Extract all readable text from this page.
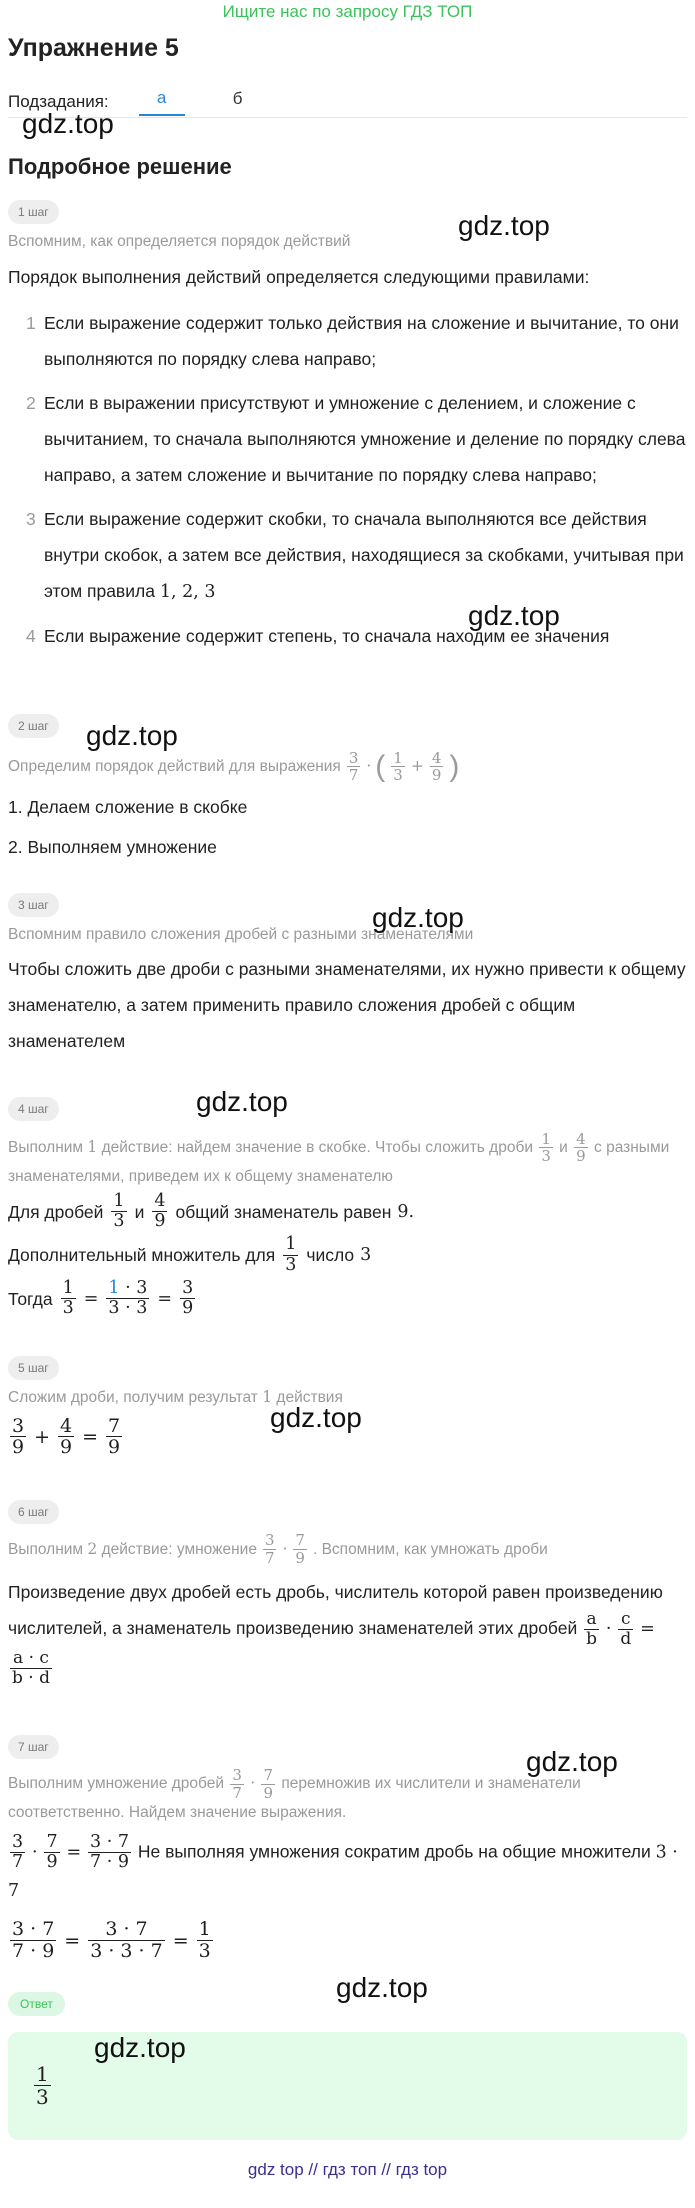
Ищите нас по запросу ГДЗ ТОП
Упражнение 5
Подзадания:	а	б
Подробное решение
1 шаг
Вспомним, как определяется порядок действий
Порядок выполнения действий определяется следующими правилами:
1 Если выражение содержит только действия на сложение и вычитание, то они выполняются по порядку слева направо;
2 Если в выражении присутствуют и умножение с делением, и сложение с вычитанием, то сначала выполняются умножение и деление по порядку слева направо, а затем сложение и вычитание по порядку слева направо;
3 Если выражение содержит скобки, то сначала выполняются все действия внутри скобок, а затем все действия, находящиеся за скобками, учитывая при этом правила 1, 2, 3
4 Если выражение содержит степень, то сначала находим ее значения
2 шаг
Определим порядок действий для выражения $\frac{3}{7}$ · ( $\frac{1}{3} + \frac{4}{9}$ )
1. Делаем сложение в скобке
2. Выполняем умножение
3 шаг
Вспомним правило сложения дробей с разными знаменателями
Чтобы сложить две дроби с разными знаменателями, их нужно привести к общему знаменателю, а затем применить правило сложения дробей с общим знаменателем
4 шаг
Выполним 1 действие: найдем значение в скобке. Чтобы сложить дроби $\frac{1}{3}$ и $\frac{4}{9}$ с разными знаменателями, приведем их к общему знаменателю
Для дробей $\frac{1}{3}$ и $\frac{4}{9}$ общий знаменатель равен 9.
Дополнительный множитель для $\frac{1}{3}$ число 3
Тогда $\frac{1}{3} = \frac{1 \cdot 3}{3 \cdot 3} = \frac{3}{9}$
5 шаг
Сложим дроби, получим результат 1 действия
$\frac{3}{9} + \frac{4}{9} = \frac{7}{9}$
6 шаг
Выполним 2 действие: умножение $\frac{3}{7} \cdot \frac{7}{9}$ . Вспомним, как умножать дроби
Произведение двух дробей есть дробь, числитель которой равен произведению числителей, а знаменатель произведению знаменателей этих дробей $\frac{a}{b} \cdot \frac{c}{d}$ =
$\frac{a \cdot c}{b \cdot d}$
7 шаг
Выполним умножение дробей $\frac{3}{7} \cdot \frac{7}{9}$ перемножив их числители и знаменатели соответственно. Найдем значение выражения.
$\frac{3}{7} \cdot \frac{7}{9} = \frac{3 \cdot 7}{7 \cdot 9}$ Не выполняя умножения сократим дробь на общие множители 3 · 7
$\frac{3 \cdot 7}{7 \cdot 9} = \frac{3 \cdot 7}{3 \cdot 3 \cdot 7} = \frac{1}{3}$
Ответ
$\frac{1}{3}$
gdz top // гдз топ // гдз top
gdz.top
gdz.top
gdz.top
gdz.top
gdz.top
gdz.top
gdz.top
gdz.top
gdz.top
gdz.top
